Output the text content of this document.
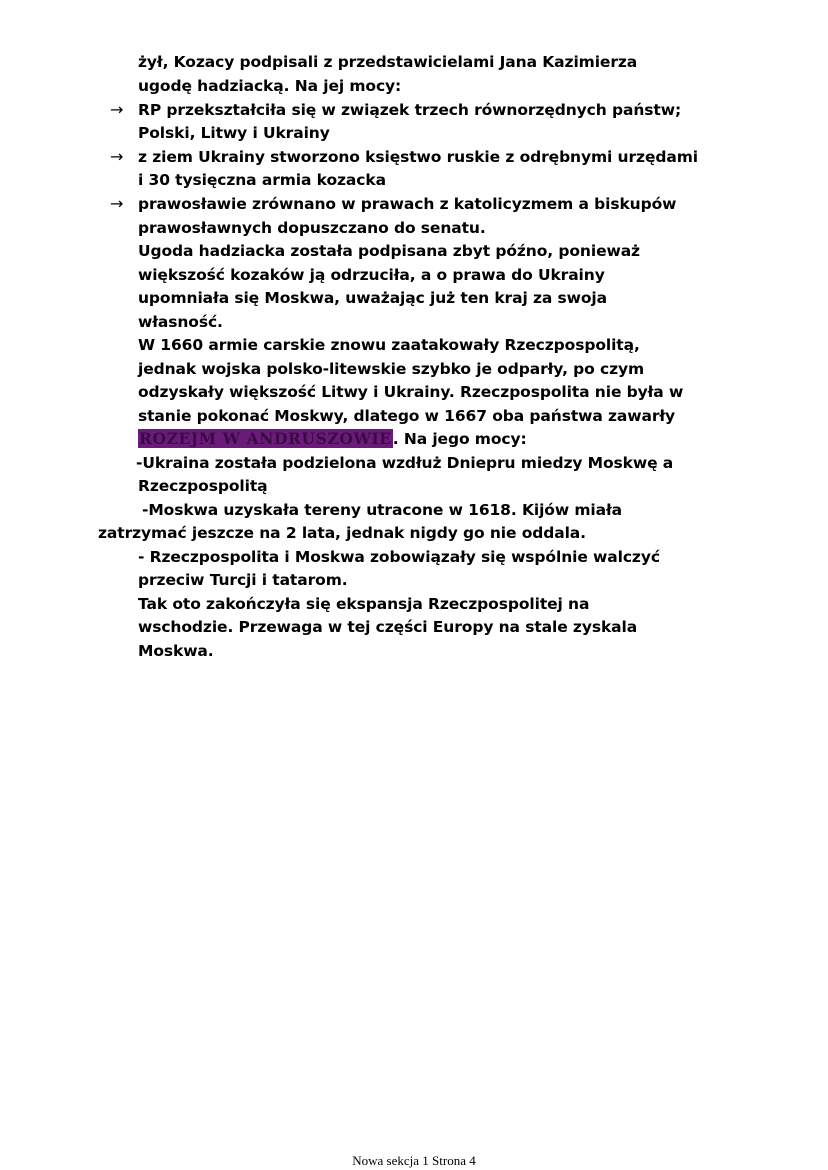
żył, Kozacy podpisali z przedstawicielami Jana Kazimierza
ugodę hadziacką. Na jej mocy:
→ RP przekształciła się w związek trzech równorzędnych państw;
Polski, Litwy i Ukrainy
→ z ziem Ukrainy stworzono księstwo ruskie z odrębnymi urzędami
i 30 tysięczna armia kozacka
→ prawosławie zrównano w prawach z katolicyzmem a biskupów
prawosławnych dopuszczano do senatu.
Ugoda hadziacka została podpisana zbyt późno, ponieważ
większość kozaków ją odrzuciła, a o prawa do Ukrainy
upomniała się Moskwa, uważając już ten kraj za swoja
własność.
W 1660 armie carskie znowu zaatakowały Rzeczpospolitą,
jednak wojska polsko-litewskie szybko je odparły, po czym
odzyskały większość Litwy i Ukrainy. Rzeczpospolita nie była w
stanie pokonać Moskwy, dlatego w 1667 oba państwa zawarły
ROZEJM W ANDRUSZOWIE. Na jego mocy:
-Ukraina została podzielona wzdłuż Dniepru miedzy Moskwę a
Rzeczpospolitą
-Moskwa uzyskała tereny utracone w 1618. Kijów miała
zatrzymać jeszcze na 2 lata, jednak nigdy go nie oddala.
- Rzeczpospolita i Moskwa zobowiązały się wspólnie walczyć
przeciw Turcji i tatarom.
Tak oto zakończyła się ekspansja Rzeczpospolitej na
wschodzie. Przewaga w tej części Europy na stale zyskala
Moskwa.
Nowa sekcja 1 Strona 4
